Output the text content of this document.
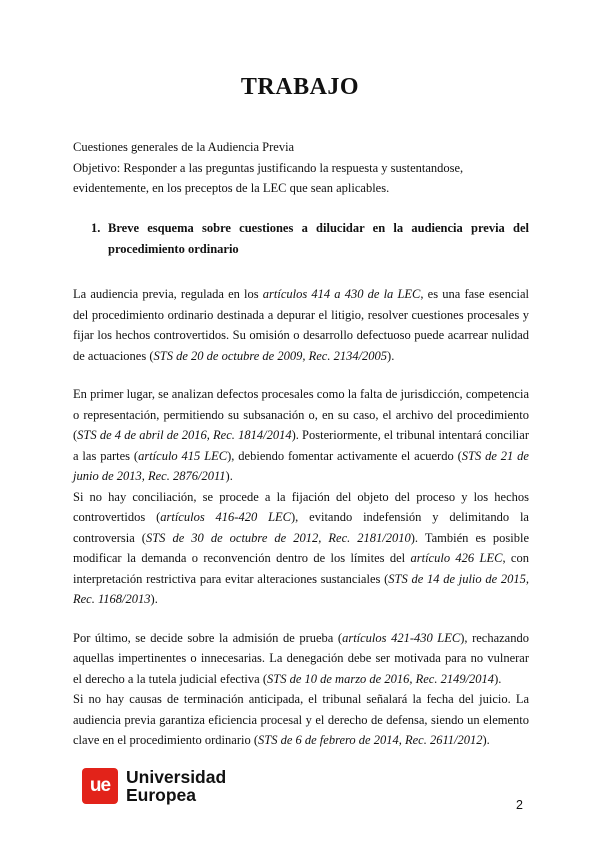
TRABAJO

Cuestiones generales de la Audiencia Previa

Objetivo: Responder a las preguntas justificando la respuesta y sustentandose, evidentemente, en los preceptos de la LEC que sean aplicables.

1. Breve esquema sobre cuestiones a dilucidar en la audiencia previa del procedimiento ordinario

La audiencia previa, regulada en los artículos 414 a 430 de la LEC, es una fase esencial del procedimiento ordinario destinada a depurar el litigio, resolver cuestiones procesales y fijar los hechos controvertidos. Su omisión o desarrollo defectuoso puede acarrear nulidad de actuaciones (STS de 20 de octubre de 2009, Rec. 2134/2005).

En primer lugar, se analizan defectos procesales como la falta de jurisdicción, competencia o representación, permitiendo su subsanación o, en su caso, el archivo del procedimiento (STS de 4 de abril de 2016, Rec. 1814/2014). Posteriormente, el tribunal intentará conciliar a las partes (artículo 415 LEC), debiendo fomentar activamente el acuerdo (STS de 21 de junio de 2013, Rec. 2876/2011).

Si no hay conciliación, se procede a la fijación del objeto del proceso y los hechos controvertidos (artículos 416-420 LEC), evitando indefensión y delimitando la controversia (STS de 30 de octubre de 2012, Rec. 2181/2010). También es posible modificar la demanda o reconvención dentro de los límites del artículo 426 LEC, con interpretación restrictiva para evitar alteraciones sustanciales (STS de 14 de julio de 2015, Rec. 1168/2013).

Por último, se decide sobre la admisión de prueba (artículos 421-430 LEC), rechazando aquellas impertinentes o innecesarias. La denegación debe ser motivada para no vulnerar el derecho a la tutela judicial efectiva (STS de 10 de marzo de 2016, Rec. 2149/2014).

Si no hay causas de terminación anticipada, el tribunal señalará la fecha del juicio. La audiencia previa garantiza eficiencia procesal y el derecho de defensa, siendo un elemento clave en el procedimiento ordinario (STS de 6 de febrero de 2014, Rec. 2611/2012).

ue Universidad
Europea	2
